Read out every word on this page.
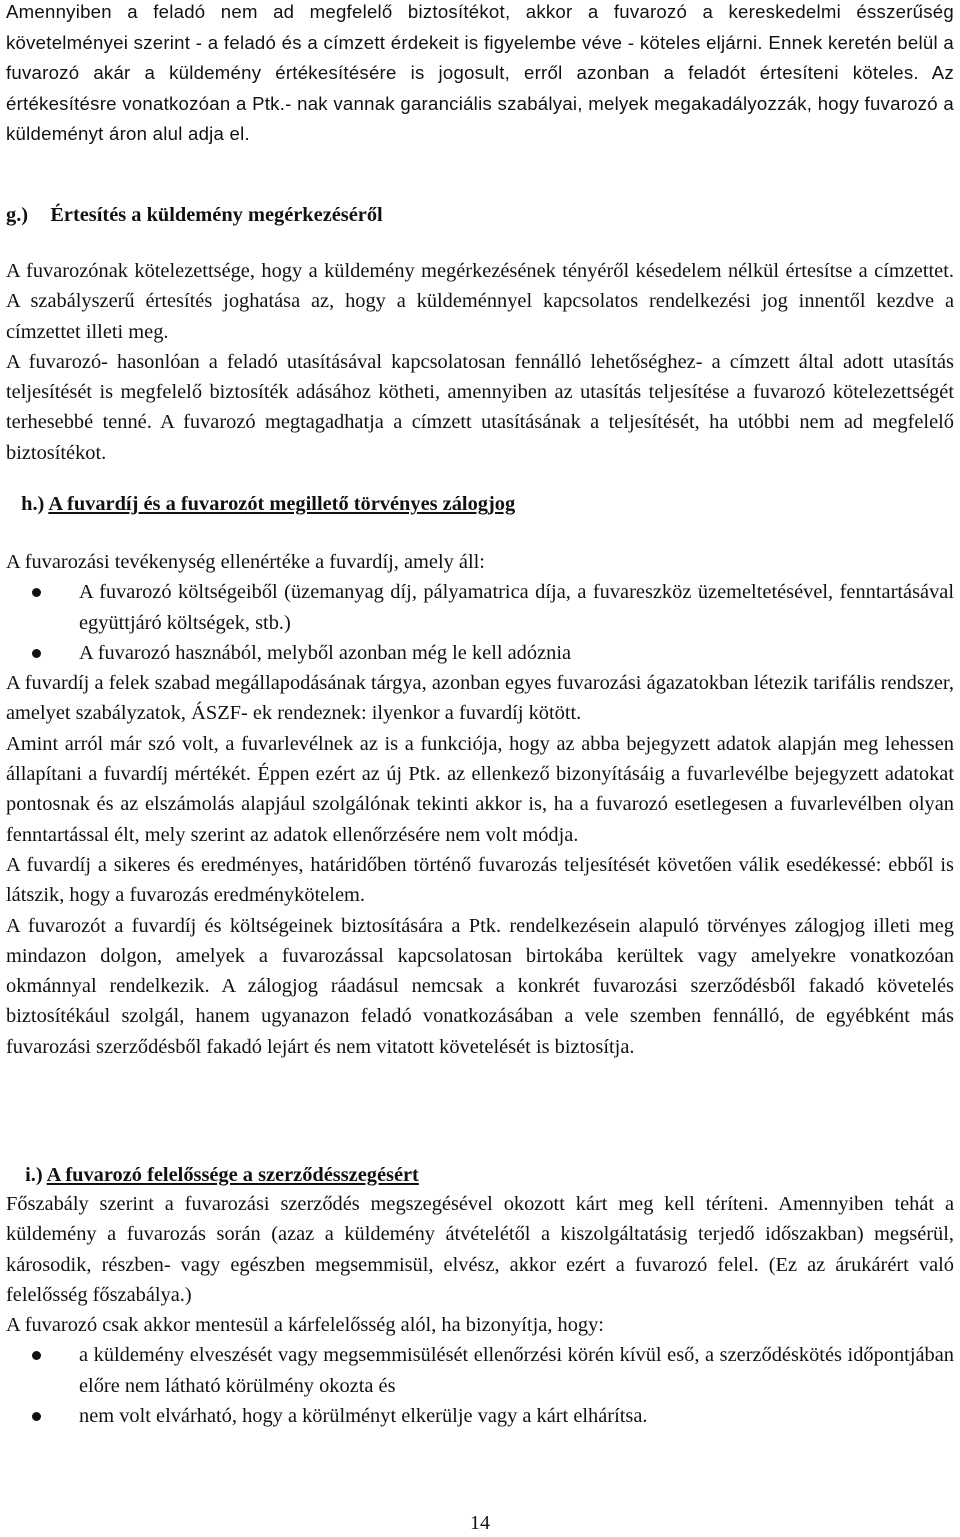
Amennyiben a feladó nem ad megfelelő biztosítékot, akkor a fuvarozó a kereskedelmi ésszerűség követelményei szerint - a feladó és a címzett érdekeit is figyelembe véve - köteles eljárni. Ennek keretén belül a fuvarozó akár a küldemény értékesítésére is jogosult, erről azonban a feladót értesíteni köteles. Az értékesítésre vonatkozóan a Ptk.- nak vannak garanciális szabályai, melyek megakadályozzák, hogy fuvarozó a küldeményt áron alul adja el.

g.) Értesítés a küldemény megérkezéséről

A fuvarozónak kötelezettsége, hogy a küldemény megérkezésének tényéről késedelem nélkül értesítse a címzettet. A szabályszerű értesítés joghatása az, hogy a küldeménnyel kapcsolatos rendelkezési jog innentől kezdve a címzettet illeti meg.

A fuvarozó- hasonlóan a feladó utasításával kapcsolatosan fennálló lehetőséghez- a címzett által adott utasítás teljesítését is megfelelő biztosíték adásához kötheti, amennyiben az utasítás teljesítése a fuvarozó kötelezettségét terhesebbé tenné. A fuvarozó megtagadhatja a címzett utasításának a teljesítését, ha utóbbi nem ad megfelelő biztosítékot.

h.) A fuvardíj és a fuvarozót megillető törvényes zálogjog

A fuvarozási tevékenység ellenértéke a fuvardíj, amely áll:

A fuvarozó költségeiből (üzemanyag díj, pályamatrica díja, a fuvareszköz üzemeltetésével, fenntartásával együttjáró költségek, stb.)
A fuvarozó hasznából, melyből azonban még le kell adóznia

A fuvardíj a felek szabad megállapodásának tárgya, azonban egyes fuvarozási ágazatokban létezik tarifális rendszer, amelyet szabályzatok, ÁSZF- ek rendeznek: ilyenkor a fuvardíj kötött.

Amint arról már szó volt, a fuvarlevélnek az is a funkciója, hogy az abba bejegyzett adatok alapján meg lehessen állapítani a fuvardíj mértékét. Éppen ezért az új Ptk. az ellenkező bizonyításáig a fuvarlevélbe bejegyzett adatokat pontosnak és az elszámolás alapjául szolgálónak tekinti akkor is, ha a fuvarozó esetlegesen a fuvarlevélben olyan fenntartással élt, mely szerint az adatok ellenőrzésére nem volt módja.

A fuvardíj a sikeres és eredményes, határidőben történő fuvarozás teljesítését követően válik esedékessé: ebből is látszik, hogy a fuvarozás eredménykötelem.

A fuvarozót a fuvardíj és költségeinek biztosítására a Ptk. rendelkezésein alapuló törvényes zálogjog illeti meg mindazon dolgon, amelyek a fuvarozással kapcsolatosan birtokába kerültek vagy amelyekre vonatkozóan okmánnyal rendelkezik. A zálogjog ráadásul nemcsak a konkrét fuvarozási szerződésből fakadó követelés biztosítékául szolgál, hanem ugyanazon feladó vonatkozásában a vele szemben fennálló, de egyébként más fuvarozási szerződésből fakadó lejárt és nem vitatott követelését is biztosítja.

i.) A fuvarozó felelőssége a szerződésszegésért

Főszabály szerint a fuvarozási szerződés megszegésével okozott kárt meg kell téríteni. Amennyiben tehát a küldemény a fuvarozás során (azaz a küldemény átvételétől a kiszolgáltatásig terjedő időszakban) megsérül, károsodik, részben- vagy egészben megsemmisül, elvész, akkor ezért a fuvarozó felel. (Ez az árukárért való felelősség főszabálya.)

A fuvarozó csak akkor mentesül a kárfelelősség alól, ha bizonyítja, hogy:

a küldemény elveszését vagy megsemmisülését ellenőrzési körén kívül eső, a szerződéskötés időpontjában előre nem látható körülmény okozta és
nem volt elvárható, hogy a körülményt elkerülje vagy a kárt elhárítsa.
14
